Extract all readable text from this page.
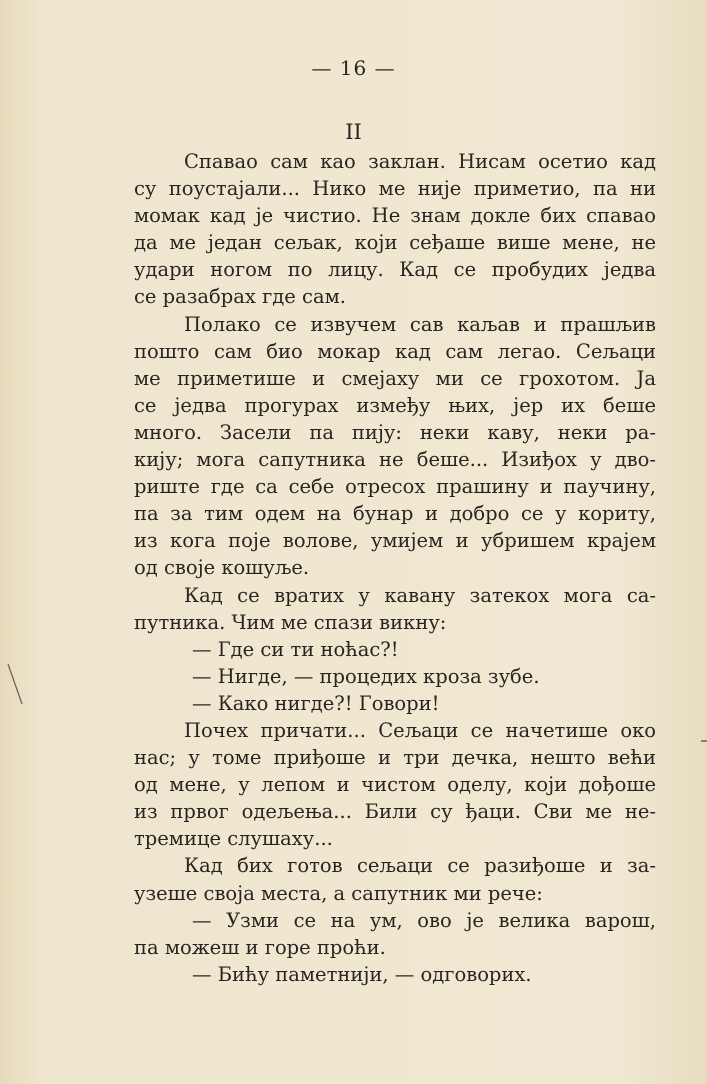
— 16 —
II
Спавао сам као заклан. Нисам осетио кад
су поустајали... Нико ме није приметио, па ни
момак кад је чистио. Не знам докле бих спавао
да ме један сељак, који сеђаше више мене, не
удари ногом по лицу. Кад се пробудих једва
се разабрах где сам.
Полако се извучем сав каљав и прашљив
пошто сам био мокар кад сам легао. Сељаци
ме приметише и смејаху ми се грохотом. Ја
се једва прогурах између њих, јер их беше
много. Засели па пију: неки каву, неки ра-
кију; мога сапутника не беше... Изиђох у дво-
риште где са себе отресох прашину и паучину,
па за тим одем на бунар и добро се у кориту,
из кога поје волове, умијем и убришем крајем
од своје кошуље.
Кад се вратих у кавану затекох мога са-
путника. Чим ме спази викну:
— Где си ти ноћас?!
— Нигде, — процедих кроза зубе.
— Како нигде?! Говори!
Почех причати... Сељаци се начетише око
нас; у томе приђоше и три дечка, нешто већи
од мене, у лепом и чистом оделу, који дођоше
из првог одељења... Били су ђаци. Сви ме не-
тремице слушаху...
Кад бих готов сељаци се разиђоше и за-
узеше своја места, а сапутник ми рече:
— Узми се на ум, ово је велика варош,
па можеш и горе проћи.
— Бићу паметнији, — одговорих.
